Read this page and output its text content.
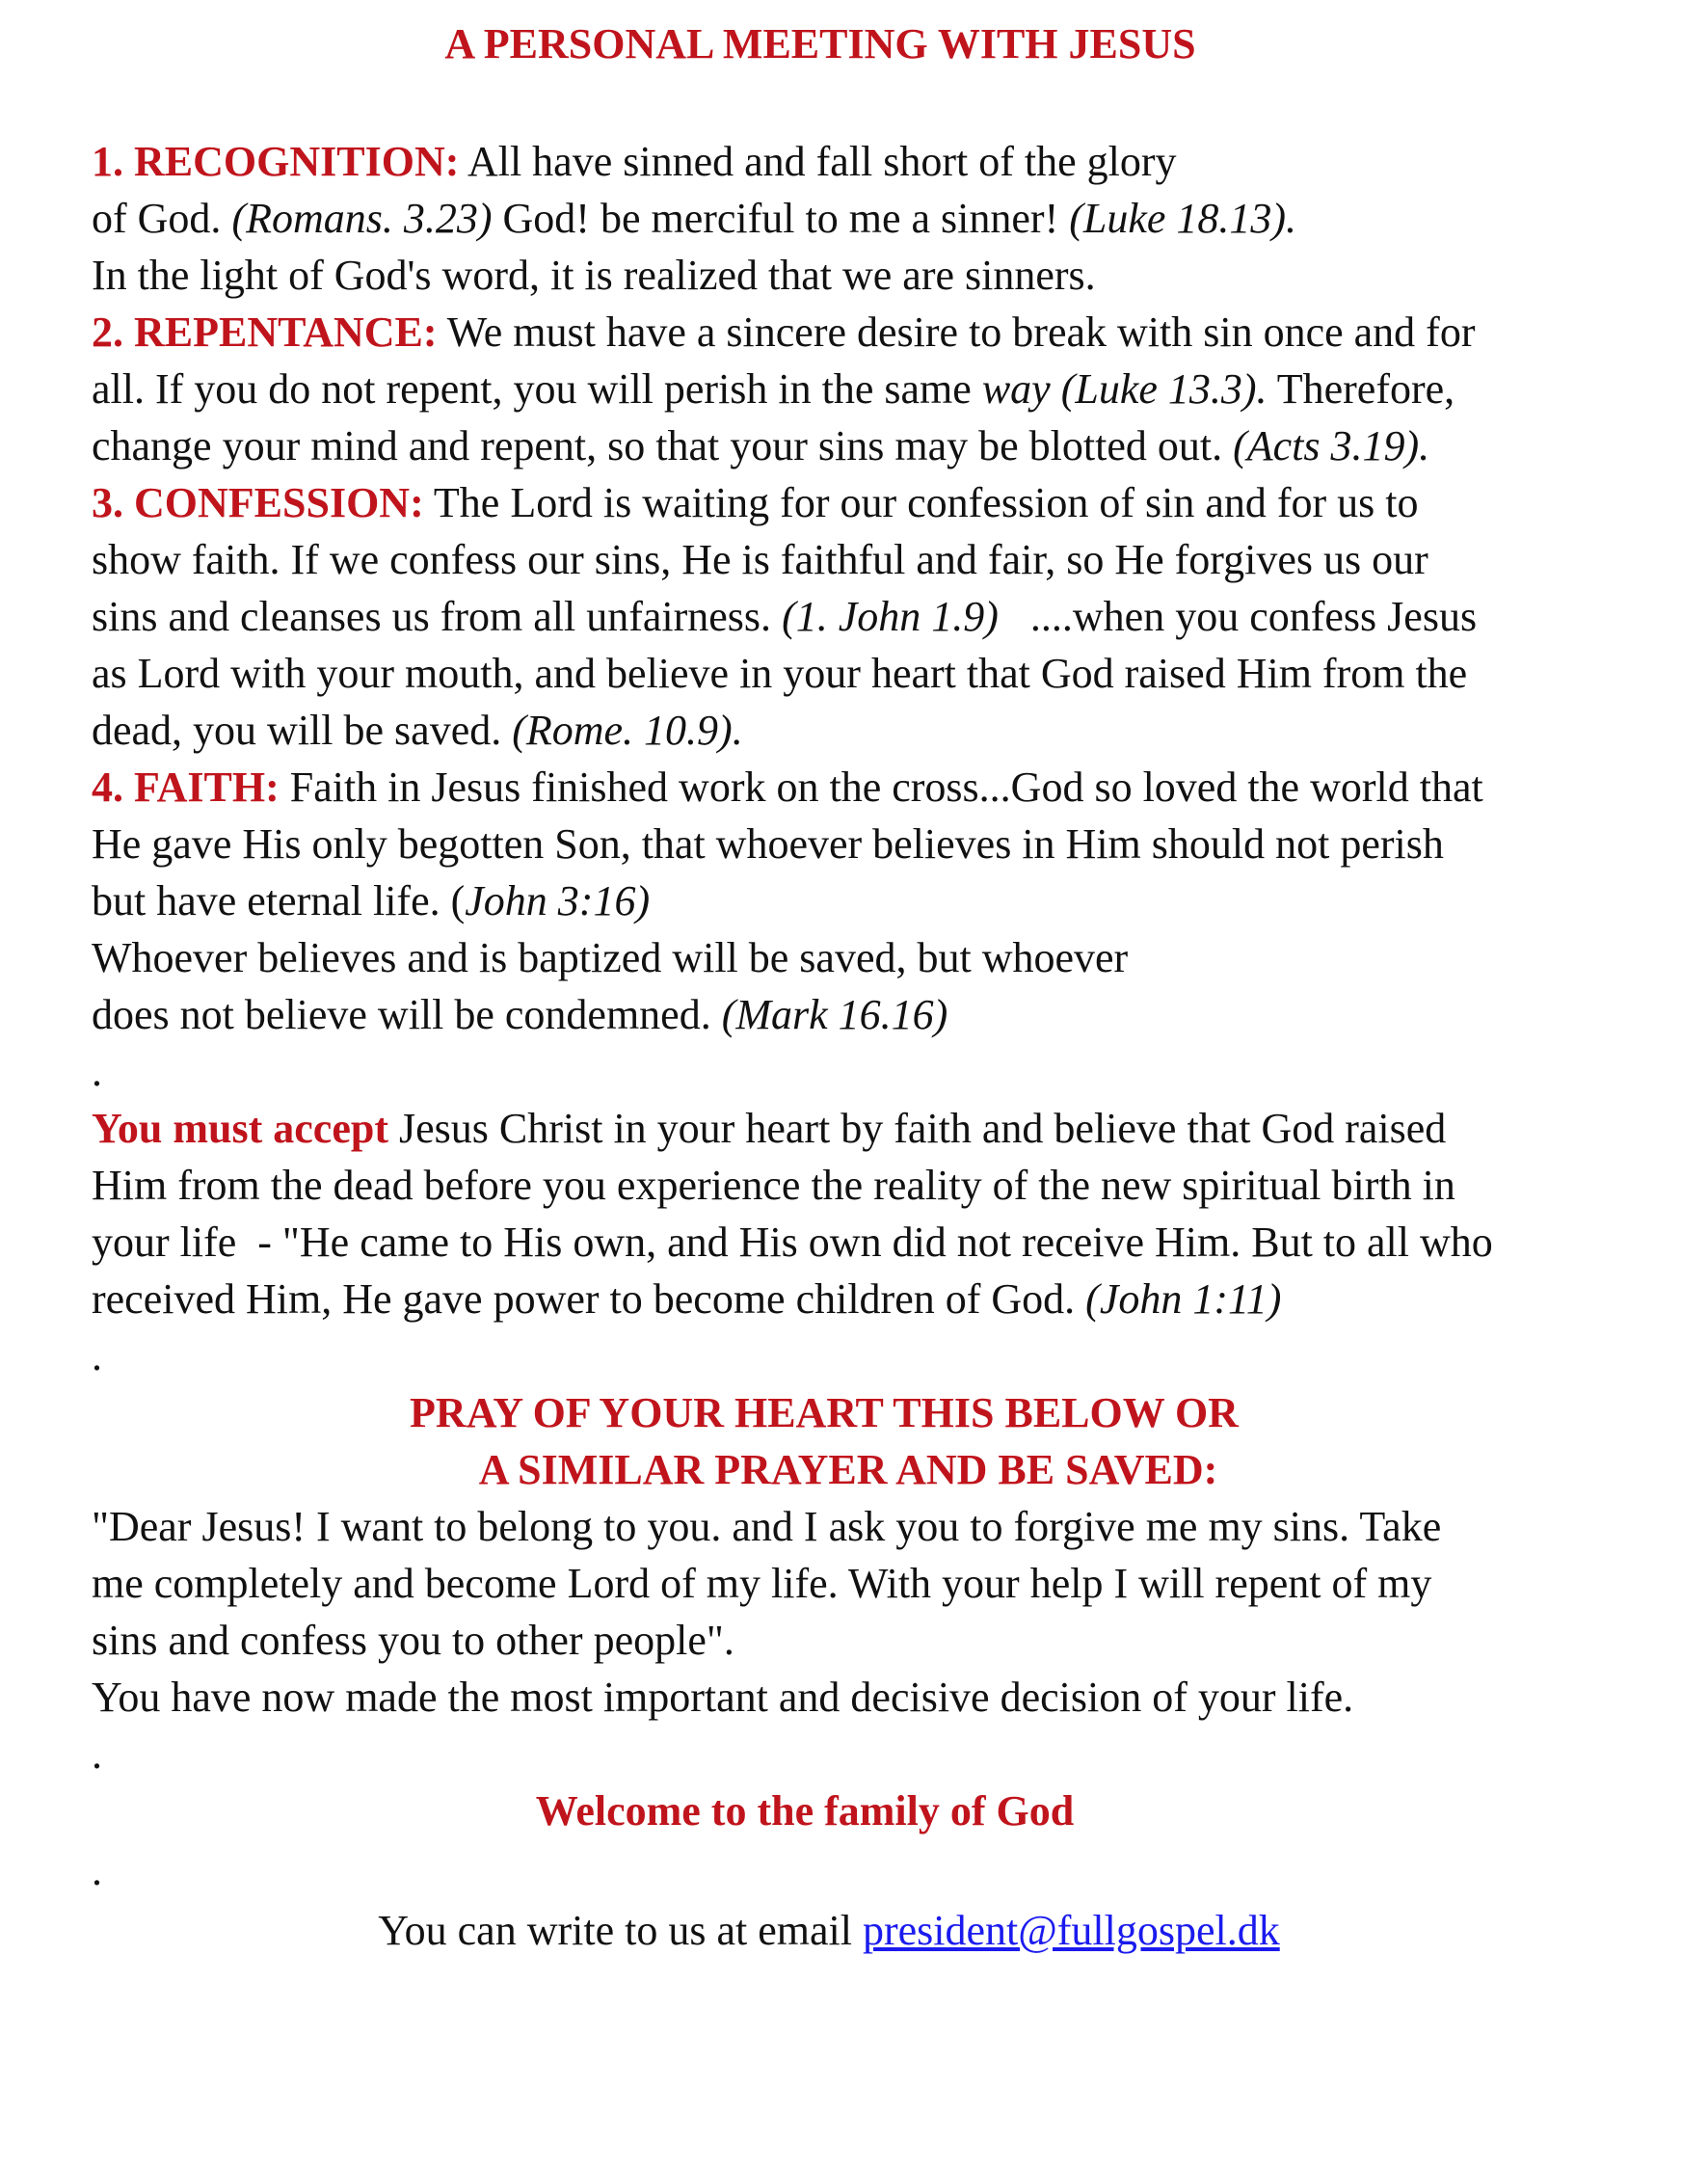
A PERSONAL MEETING WITH JESUS
1. RECOGNITION: All have sinned and fall short of the glory
of God. (Romans. 3.23) God! be merciful to me a sinner! (Luke 18.13).
In the light of God's word, it is realized that we are sinners.
2. REPENTANCE: We must have a sincere desire to break with sin once and for
all. If you do not repent, you will perish in the same way (Luke 13.3). Therefore,
change your mind and repent, so that your sins may be blotted out. (Acts 3.19).
3. CONFESSION: The Lord is waiting for our confession of sin and for us to
show faith. If we confess our sins, He is faithful and fair, so He forgives us our
sins and cleanses us from all unfairness. (1. John 1.9)   ....when you confess Jesus
as Lord with your mouth, and believe in your heart that God raised Him from the
dead, you will be saved. (Rome. 10.9).
4. FAITH: Faith in Jesus finished work on the cross...God so loved the world that
He gave His only begotten Son, that whoever believes in Him should not perish
but have eternal life. (John 3:16)
Whoever believes and is baptized will be saved, but whoever
does not believe will be condemned. (Mark 16.16)
.
You must accept Jesus Christ in your heart by faith and believe that God raised
Him from the dead before you experience the reality of the new spiritual birth in
your life  - "He came to His own, and His own did not receive Him. But to all who
received Him, He gave power to become children of God. (John 1:11)
.
PRAY OF YOUR HEART THIS BELOW OR
A SIMILAR PRAYER AND BE SAVED:
"Dear Jesus! I want to belong to you. and I ask you to forgive me my sins. Take
me completely and become Lord of my life. With your help I will repent of my
sins and confess you to other people".
You have now made the most important and decisive decision of your life.
.
Welcome to the family of God
.
You can write to us at email president@fullgospel.dk
